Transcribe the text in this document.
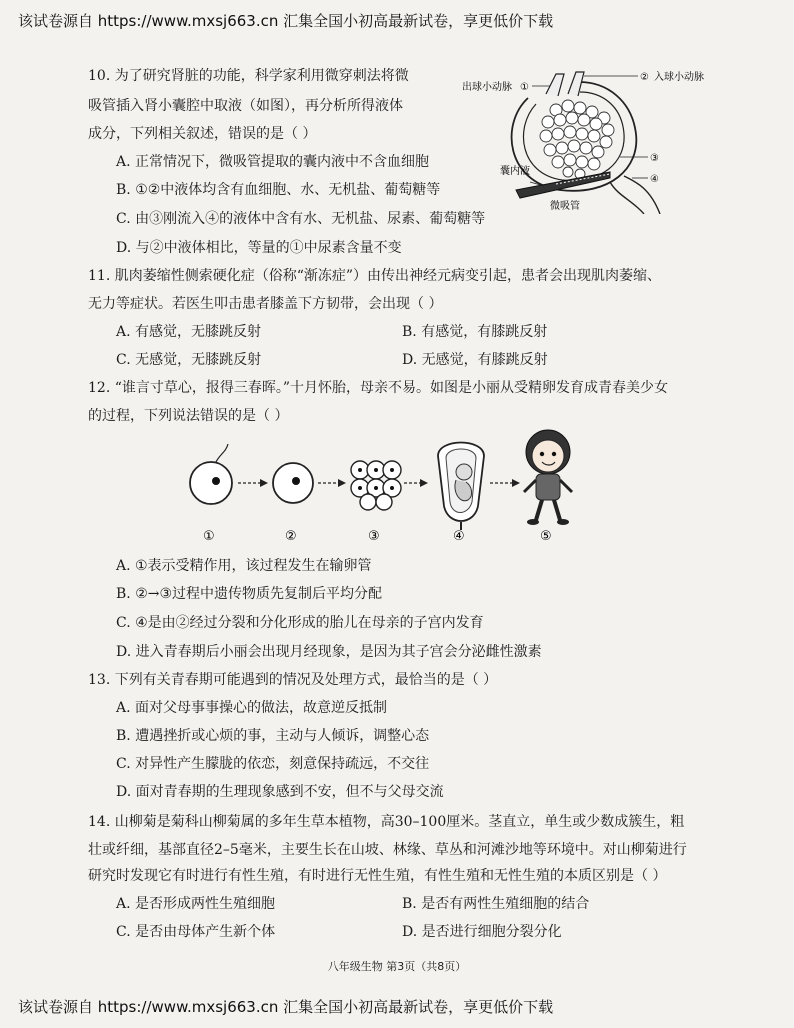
该试卷源自 https://www.mxsj663.cn 汇集全国小初高最新试卷，享更低价下载
10. 为了研究肾脏的功能，科学家利用微穿刺法将微
吸管插入肾小囊腔中取液（如图），再分析所得液体
成分，下列相关叙述，错误的是（ ）
A. 正常情况下，微吸管提取的囊内液中不含血细胞
B. ①②中液体均含有血细胞、水、无机盐、葡萄糖等
C. 由③刚流入④的液体中含有水、无机盐、尿素、葡萄糖等
D. 与②中液体相比，等量的①中尿素含量不变
出球小动脉 ①
② 入球小动脉
③
④
囊内液
微吸管
11. 肌肉萎缩性侧索硬化症（俗称“渐冻症”）由传出神经元病变引起，患者会出现肌肉萎缩、
无力等症状。若医生叩击患者膝盖下方韧带，会出现（ ）
A. 有感觉，无膝跳反射	B. 有感觉，有膝跳反射
C. 无感觉，无膝跳反射	D. 无感觉，有膝跳反射
12. “谁言寸草心，报得三春晖。”十月怀胎，母亲不易。如图是小丽从受精卵发育成青春美少女
的过程，下列说法错误的是（ ）
①	②	③	④	⑤
A. ①表示受精作用，该过程发生在输卵管
B. ②→③过程中遗传物质先复制后平均分配
C. ④是由②经过分裂和分化形成的胎儿在母亲的子宫内发育
D. 进入青春期后小丽会出现月经现象，是因为其子宫会分泌雌性激素
13. 下列有关青春期可能遇到的情况及处理方式，最恰当的是（ ）
A. 面对父母事事操心的做法，故意逆反抵制
B. 遭遇挫折或心烦的事，主动与人倾诉，调整心态
C. 对异性产生朦胧的依恋，刻意保持疏远，不交往
D. 面对青春期的生理现象感到不安，但不与父母交流
14. 山柳菊是菊科山柳菊属的多年生草本植物，高30–100厘米。茎直立，单生或少数成簇生，粗
壮或纤细，基部直径2–5毫米，主要生长在山坡、林缘、草丛和河滩沙地等环境中。对山柳菊进行
研究时发现它有时进行有性生殖，有时进行无性生殖，有性生殖和无性生殖的本质区别是（ ）
A. 是否形成两性生殖细胞	B. 是否有两性生殖细胞的结合
C. 是否由母体产生新个体	D. 是否进行细胞分裂分化
八年级生物 第3页（共8页）
该试卷源自 https://www.mxsj663.cn 汇集全国小初高最新试卷，享更低价下载
